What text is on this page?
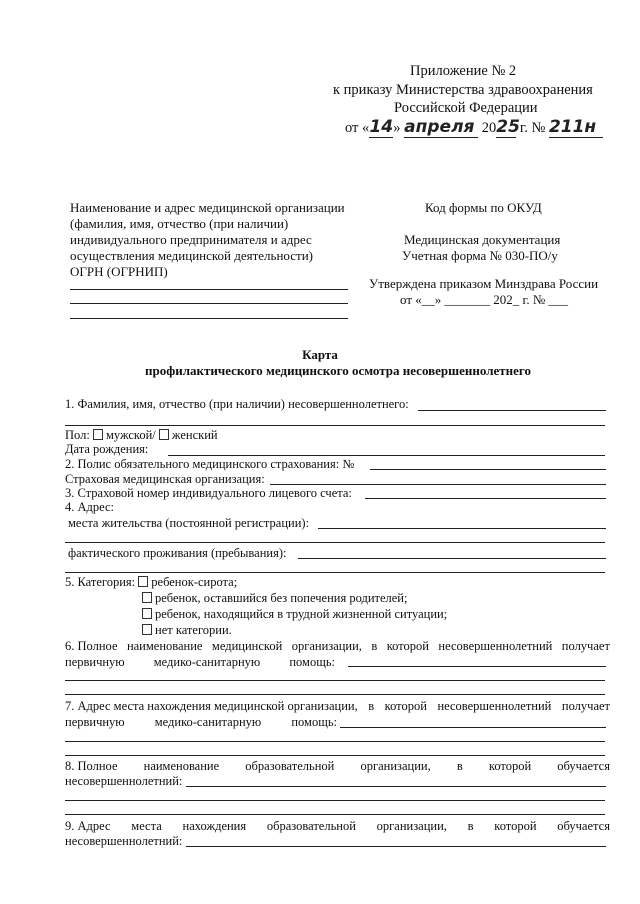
Приложение № 2
к приказу Министерства здравоохранения
Российской Федерации
от «14» апреля 2025 г. № 211н
Наименование и адрес медицинской организации
(фамилия, имя, отчество (при наличии)
индивидуального предпринимателя и адрес
осуществления медицинской деятельности)
ОГРН (ОГРНИП)
Код формы по ОКУД
Медицинская документация
Учетная форма № 030-ПО/у
Утверждена приказом Минздрава России
от «__» _______ 202_ г. № ___
Карта
профилактического медицинского осмотра несовершеннолетнего
1. Фамилия, имя, отчество (при наличии) несовершеннолетнего:
Пол: мужской/ женский
Дата рождения:
2. Полис обязательного медицинского страхования: №
Страховая медицинская организация:
3. Страховой номер индивидуального лицевого счета:
4. Адрес:
места жительства (постоянной регистрации):
фактического проживания (пребывания):
5. Категория: ребенок-сирота;
ребенок, оставшийся без попечения родителей;
ребенок, находящийся в трудной жизненной ситуации;
нет категории.
6. Полное наименование медицинской организации, в которой несовершеннолетний получает
первичную медико-санитарную помощь:
7. Адрес места нахождения медицинской организации, в которой несовершеннолетний получает
первичную медико-санитарную помощь:
8. Полное наименование образовательной организации, в которой обучается
несовершеннолетний:
9. Адрес места нахождения образовательной организации, в которой обучается
несовершеннолетний:
